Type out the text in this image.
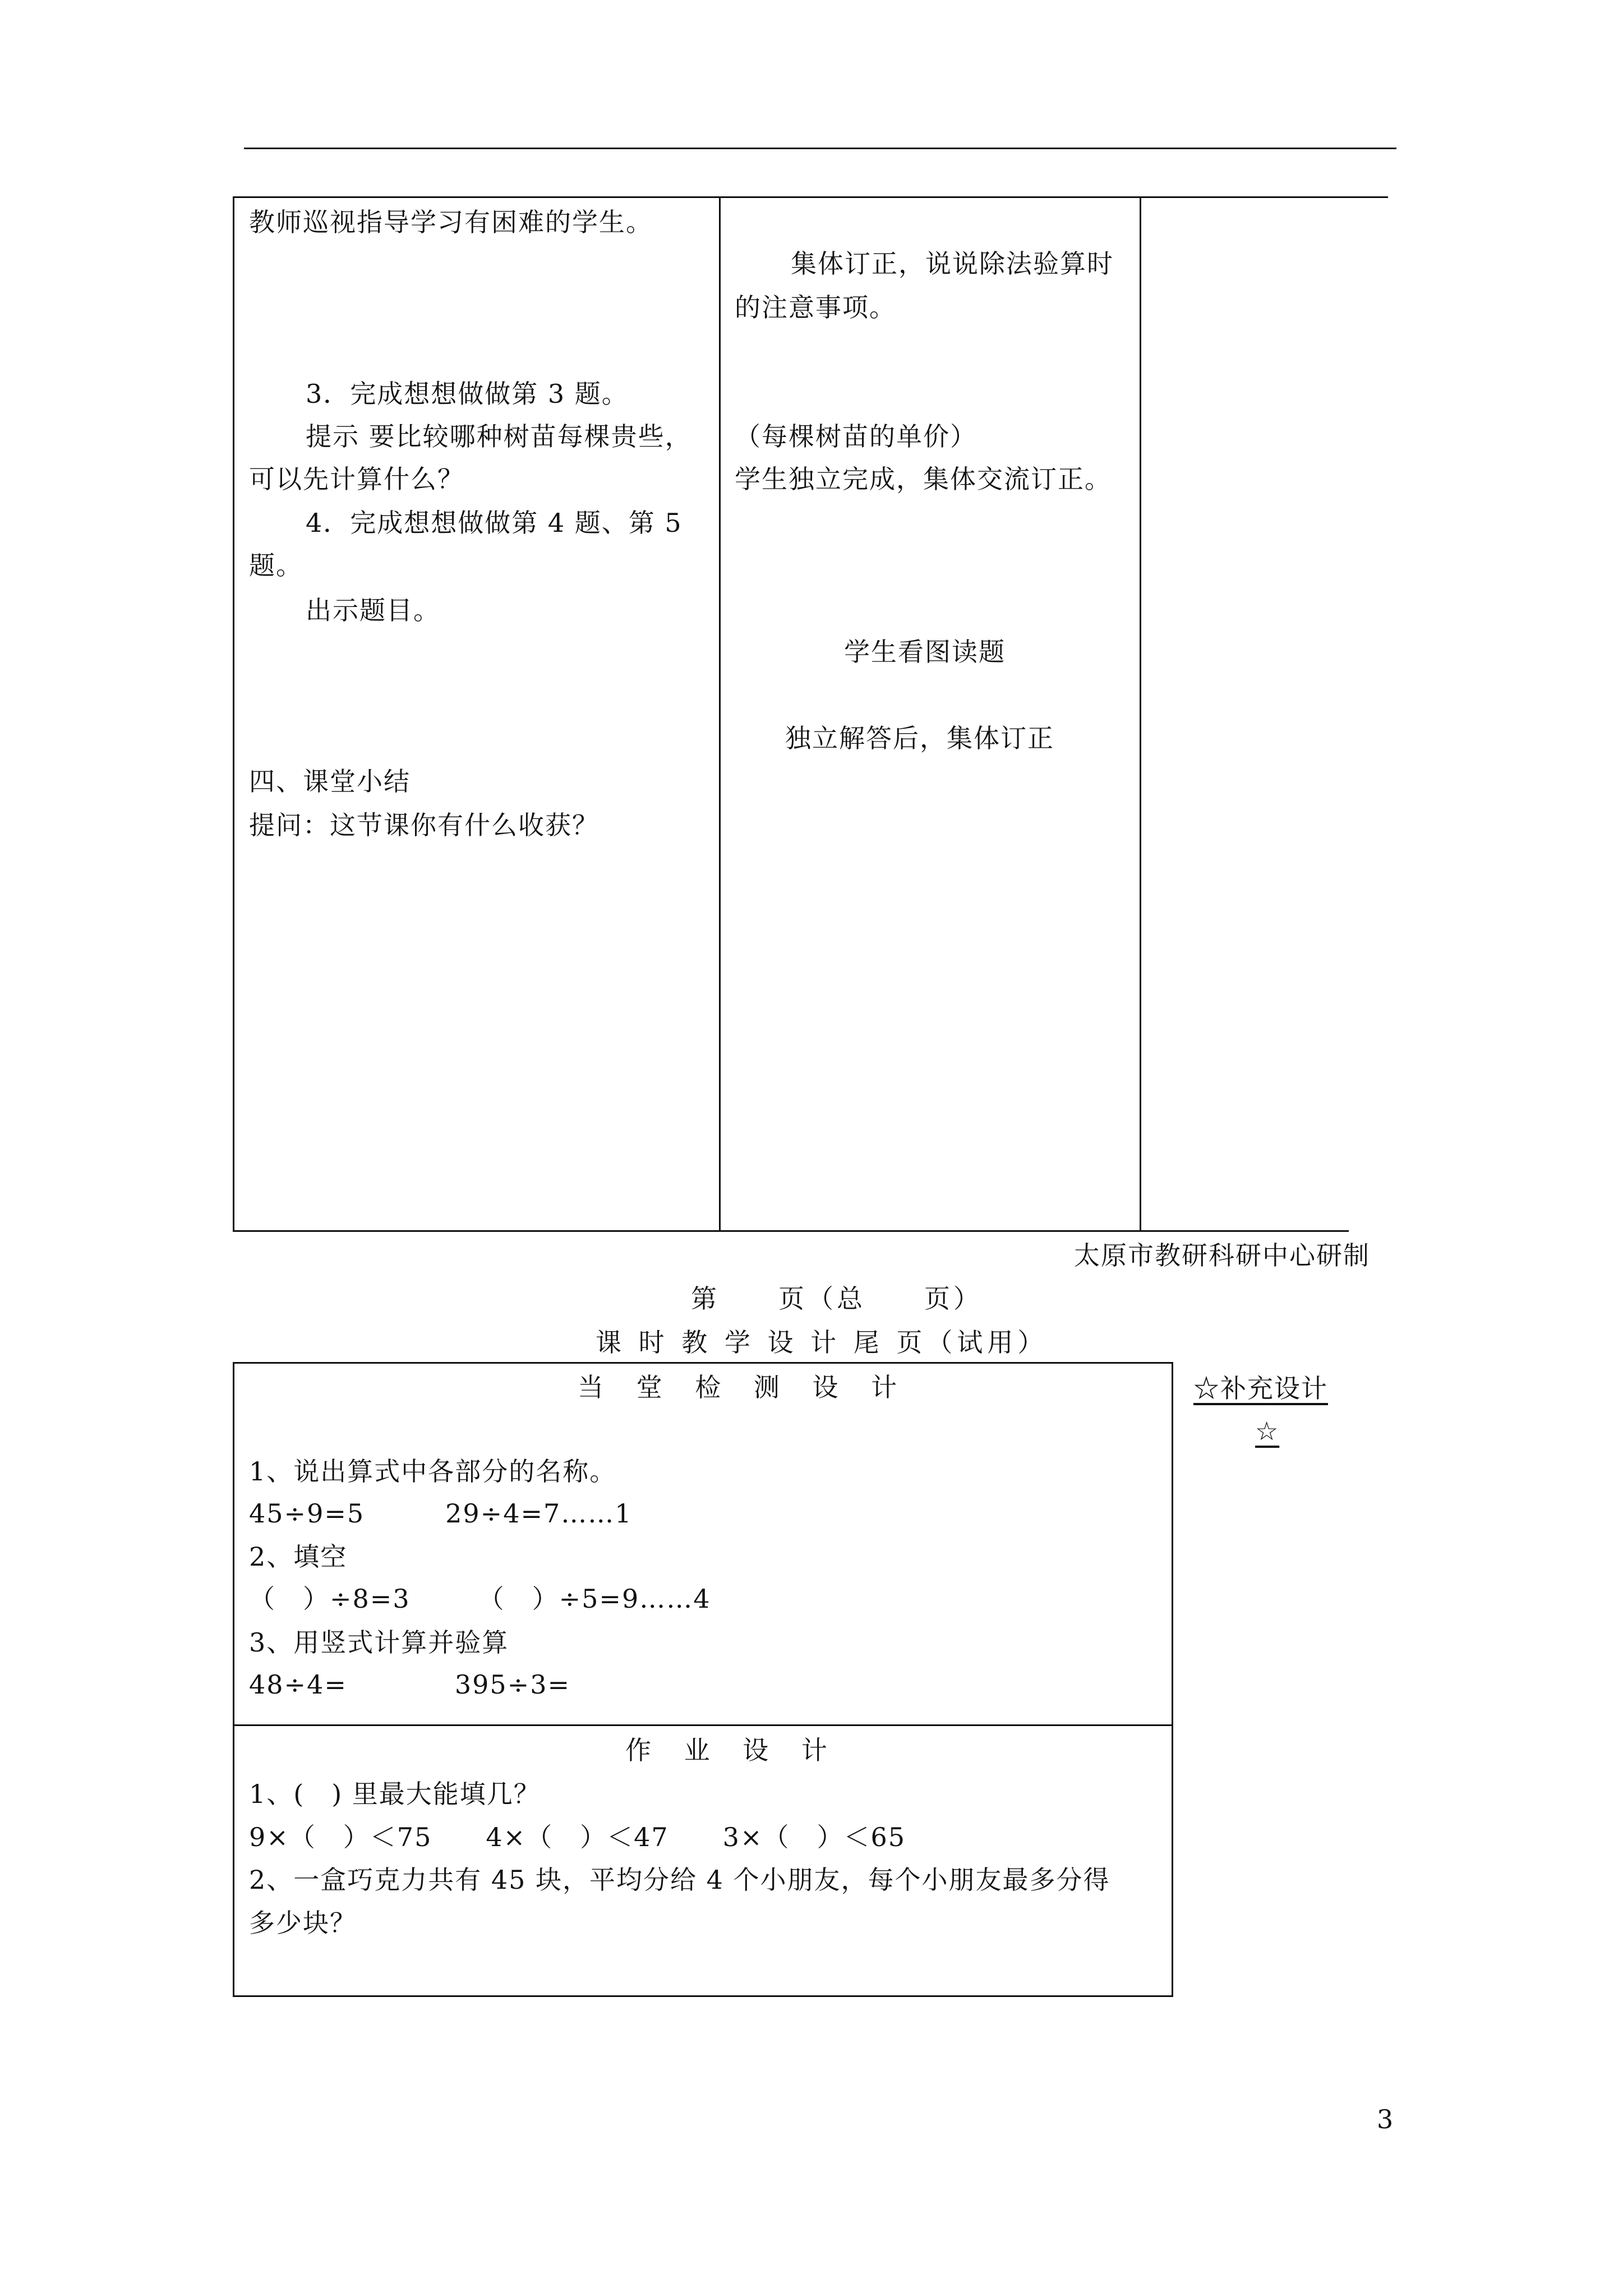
教师巡视指导学习有困难的学生。
3．完成想想做做第 3 题。
提示 要比较哪种树苗每棵贵些，
可以先计算什么？
4．完成想想做做第 4 题、第 5
题。
出示题目。
四、课堂小结
提问：这节课你有什么收获？
集体订正，说说除法验算时
的注意事项。
（每棵树苗的单价）
学生独立完成，集体交流订正。
学生看图读题
独立解答后，集体订正
太原市教研科研中心研制
第　　页（总　　页）
课 时 教 学 设 计 尾 页（试用）
☆补充设计
☆
当 堂 检 测 设 计
1、说出算式中各部分的名称。
45÷9=5　　　29÷4=7……1
2、填空
（　）÷8=3　　　（　）÷5=9……4
3、用竖式计算并验算
48÷4=　　　　395÷3=
作 业 设 计
1、(　) 里最大能填几？
9×（　）＜75　　4×（　）＜47　　3×（　）＜65
2、一盒巧克力共有 45 块，平均分给 4 个小朋友，每个小朋友最多分得
多少块？
3
